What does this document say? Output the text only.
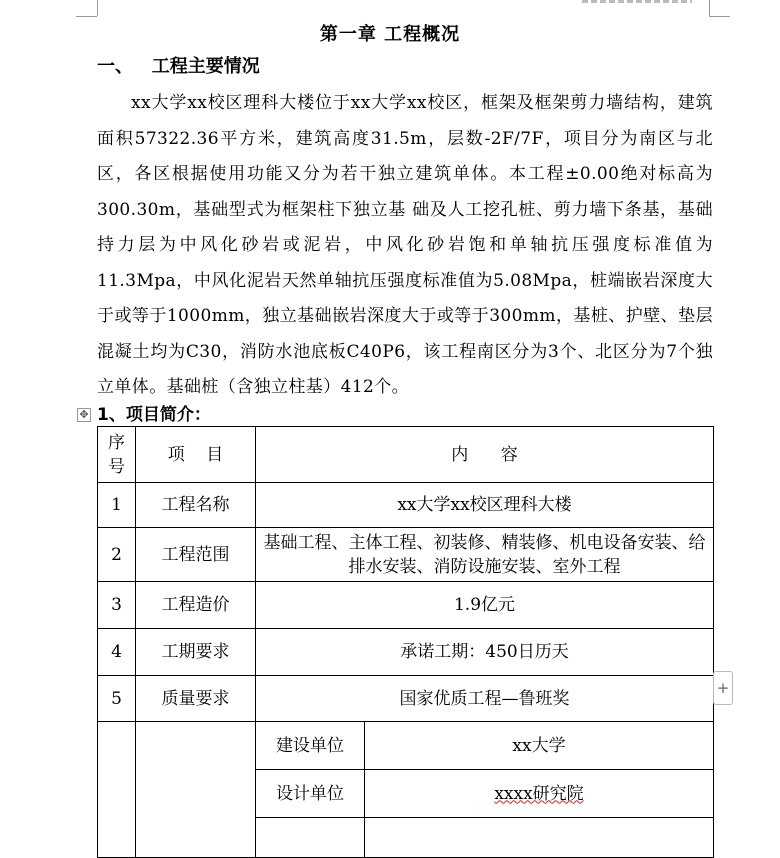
第一章 工程概况
一、   工程主要情况

xx大学xx校区理科大楼位于xx大学xx校区，框架及框架剪力墙结构，建筑面积57322.36平方米，建筑高度31.5m，层数-2F/7F，项目分为南区与北区，各区根据使用功能又分为若干独立建筑单体。本工程±0.00绝对标高为300.30m，基础型式为框架柱下独立基 础及人工挖孔桩、剪力墙下条基，基础持力层为中风化砂岩或泥岩，中风化砂岩饱和单轴抗压强度标准值为11.3Mpa，中风化泥岩天然单轴抗压强度标准值为5.08Mpa，桩端嵌岩深度大于或等于1000mm，独立基础嵌岩深度大于或等于300mm，基桩、护壁、垫层混凝土均为C30，消防水池底板C40P6，该工程南区分为3个、北区分为7个独立单体。基础桩（含独立柱基）412个。

✥ 1、项目简介：
序号	项    目	内      容	
1	工程名称	xx大学xx校区理科大楼	
2	工程范围	基础工程、主体工程、初装修、精装修、机电设备安装、给排水安装、消防设施安装、室外工程	
3	工程造价	1.9亿元	
4	工期要求	承诺工期：450日历天	
5	质量要求	国家优质工程—鲁班奖	
		建设单位	xx大学
		设计单位	xxxx研究院

+
